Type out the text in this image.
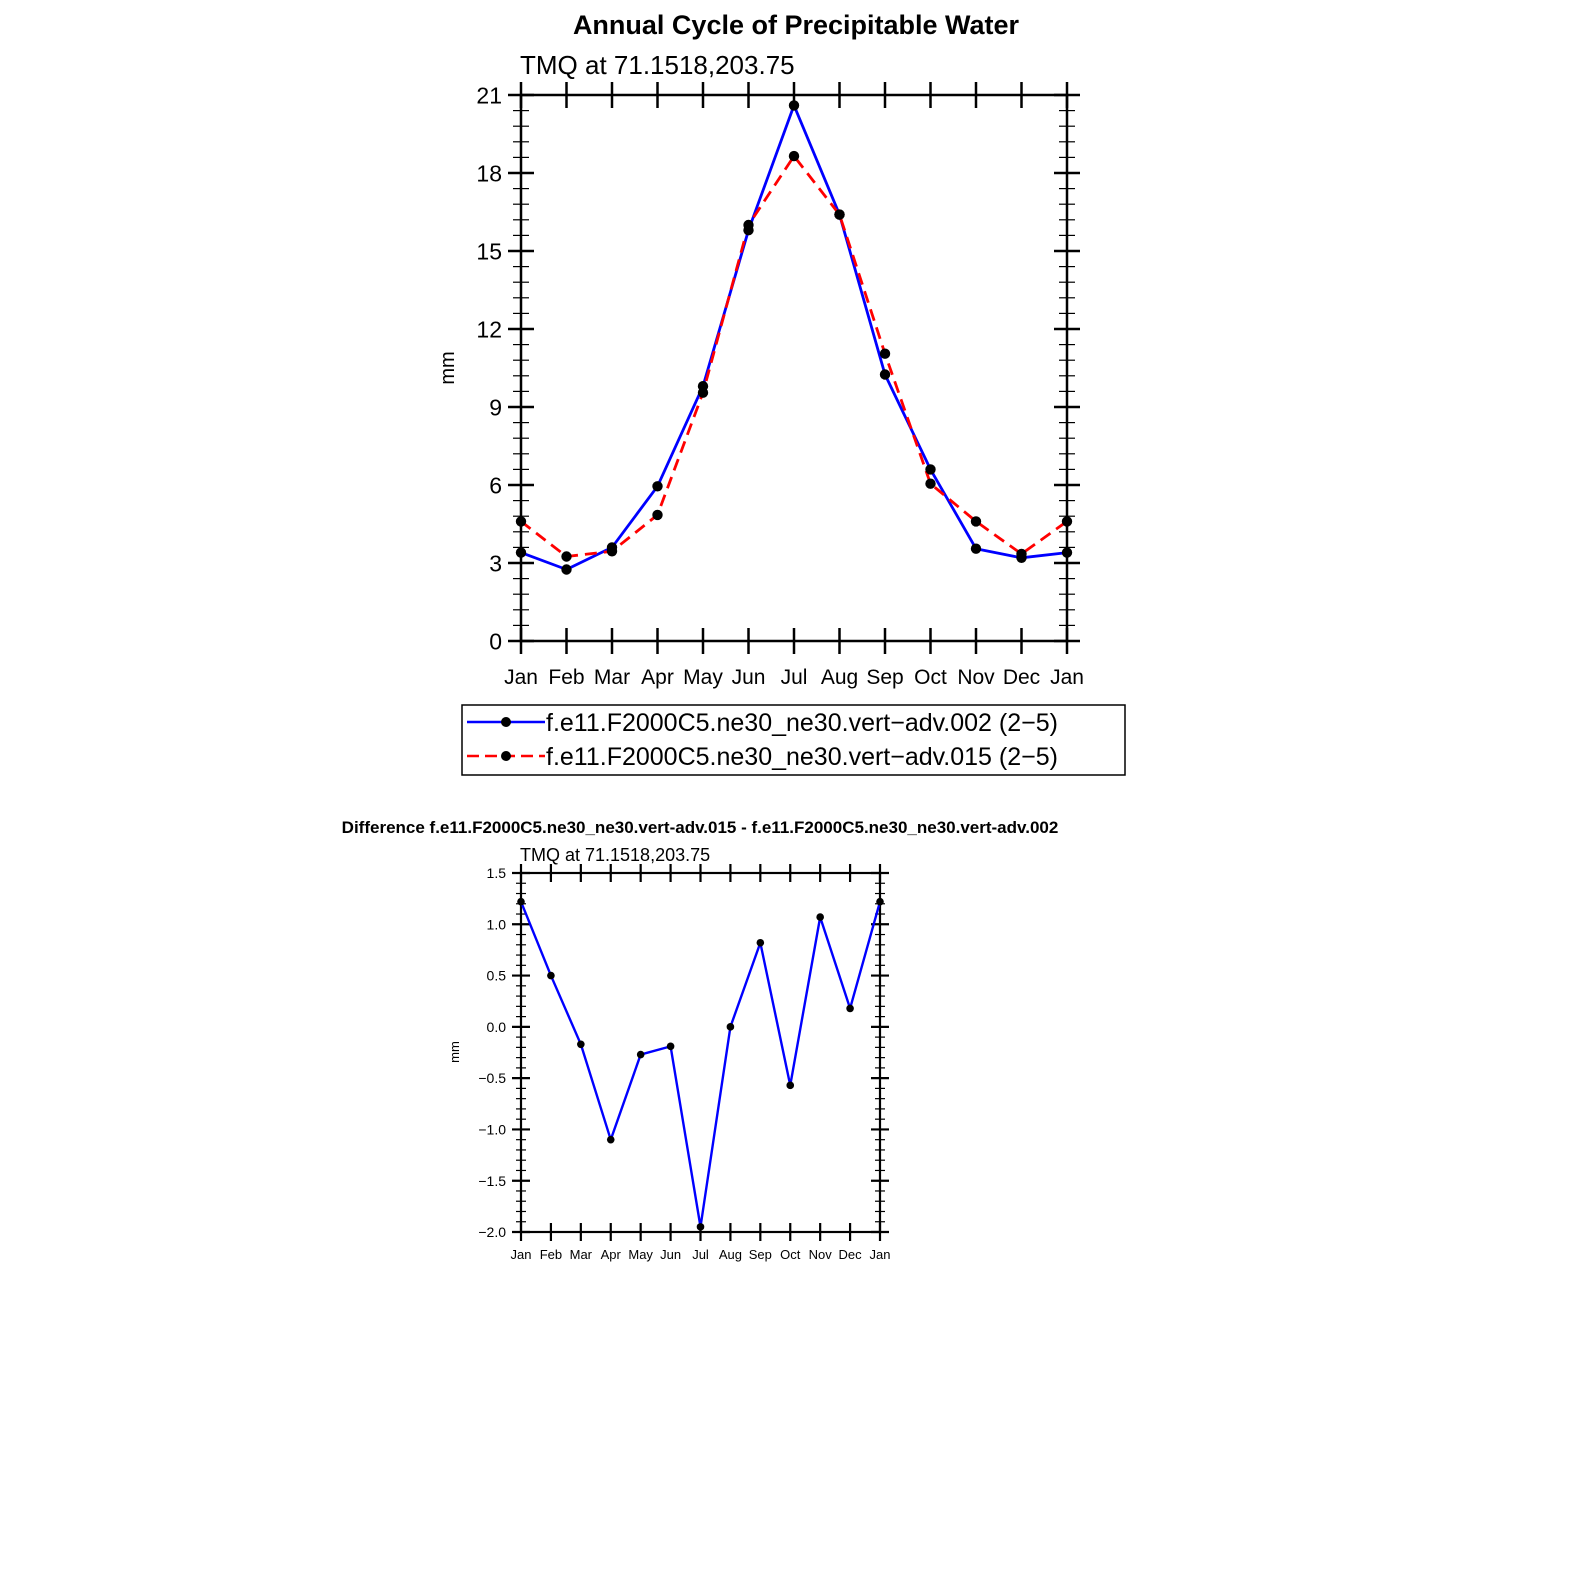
Annual Cycle of Precipitable Water
TMQ at 71.1518,203.75
mm
0
3
6
9
12
15
18
21
Jan Feb Mar Apr May Jun Jul Aug Sep Oct Nov Dec Jan
f.e11.F2000C5.ne30_ne30.vert−adv.002 (2−5)
f.e11.F2000C5.ne30_ne30.vert−adv.015 (2−5)
Difference f.e11.F2000C5.ne30_ne30.vert-adv.015 - f.e11.F2000C5.ne30_ne30.vert-adv.002
TMQ at 71.1518,203.75
mm
−2.0
−1.5
−1.0
−0.5
0.0
0.5
1.0
1.5
Jan Feb Mar Apr May Jun Jul Aug Sep Oct Nov Dec Jan
